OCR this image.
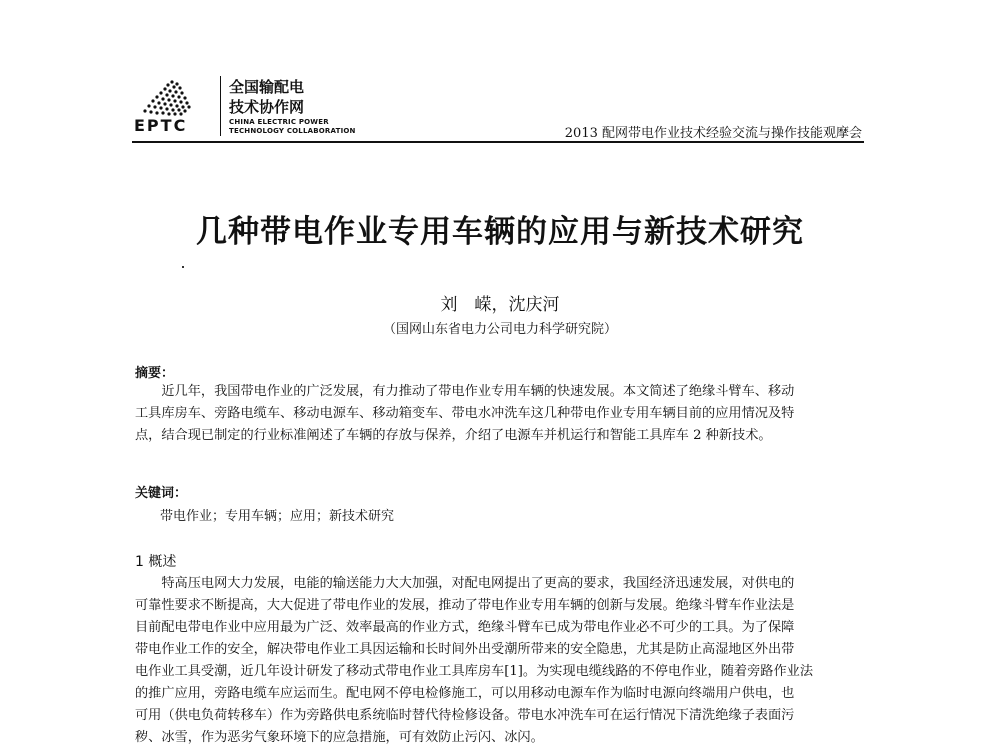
EPTC
全国输配电
技术协作网
CHINA ELECTRIC POWER
TECHNOLOGY COLLABORATION	2013 配网带电作业技术经验交流与操作技能观摩会
几种带电作业专用车辆的应用与新技术研究
刘　嵘，沈庆河
（国网山东省电力公司电力科学研究院）
摘要：
　　近几年，我国带电作业的广泛发展，有力推动了带电作业专用车辆的快速发展。本文简述了绝缘斗臂车、移动
工具库房车、旁路电缆车、移动电源车、移动箱变车、带电水冲洗车这几种带电作业专用车辆目前的应用情况及特
点，结合现已制定的行业标准阐述了车辆的存放与保养，介绍了电源车并机运行和智能工具库车 2 种新技术。
关键词：
带电作业；专用车辆；应用；新技术研究
1 概述
　　特高压电网大力发展，电能的输送能力大大加强，对配电网提出了更高的要求，我国经济迅速发展，对供电的
可靠性要求不断提高，大大促进了带电作业的发展，推动了带电作业专用车辆的创新与发展。绝缘斗臂车作业法是
目前配电带电作业中应用最为广泛、效率最高的作业方式，绝缘斗臂车已成为带电作业必不可少的工具。为了保障
带电作业工作的安全，解决带电作业工具因运输和长时间外出受潮所带来的安全隐患，尤其是防止高湿地区外出带
电作业工具受潮，近几年设计研发了移动式带电作业工具库房车[1]。为实现电缆线路的不停电作业，随着旁路作业法
的推广应用，旁路电缆车应运而生。配电网不停电检修施工，可以用移动电源车作为临时电源向终端用户供电，也
可用（供电负荷转移车）作为旁路供电系统临时替代待检修设备。带电水冲洗车可在运行情况下清洗绝缘子表面污
秽、冰雪，作为恶劣气象环境下的应急措施，可有效防止污闪、冰闪。
